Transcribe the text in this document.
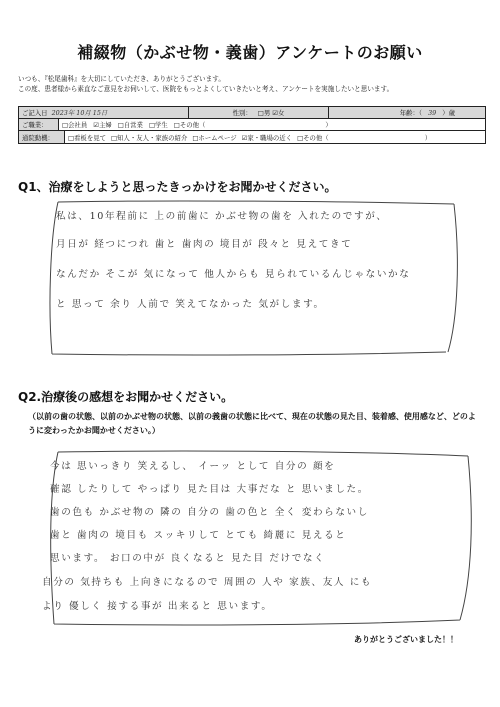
補綴物（かぶせ物・義歯）アンケートのお願い
いつも、『松尾歯科』を大切にしていただき、ありがとうございます。
この度、患者様から素直なご意見をお伺いして、医院をもっとよくしていきたいと考え、アンケートを実施したいと思います。
ご記入日 2023年 10月 15日	性別： □男 ☑女	年齢：（ 39 ）歳
ご職業：	□会社員 ☑主婦 □自営業 □学生 □その他（	）
通院動機：	□看板を見て □知人・友人・家族の紹介 □ホームページ ☑家・職場の近く □その他（	）
Q1、治療をしようと思ったきっかけをお聞かせください。
私は、10年程前に 上の前歯に かぶせ物の歯を 入れたのですが、
月日が 経つにつれ 歯と 歯肉の 境目が 段々と 見えてきて
なんだか そこが 気になって 他人からも 見られているんじゃないかな
と 思って 余り 人前で 笑えてなかった 気がします。
Q2.治療後の感想をお聞かせください。
（以前の歯の状態、以前のかぶせ物の状態、以前の義歯の状態に比べて、現在の状態の見た目、装着感、使用感など、どのように変わったかお聞かせください。）
今は 思いっきり 笑えるし、 イーッ として 自分の 顔を
確認 したりして やっぱり 見た目は 大事だな と 思いました。
歯の色も かぶせ物の 隣の 自分の 歯の色と 全く 変わらないし
歯と 歯肉の 境目も スッキリして とても 綺麗に 見えると
思います。 お口の中が 良くなると 見た目 だけでなく
自分の 気持ちも 上向きになるので 周囲の 人や 家族、友人 にも
より 優しく 接する事が 出来ると 思います。
ありがとうございました！！
